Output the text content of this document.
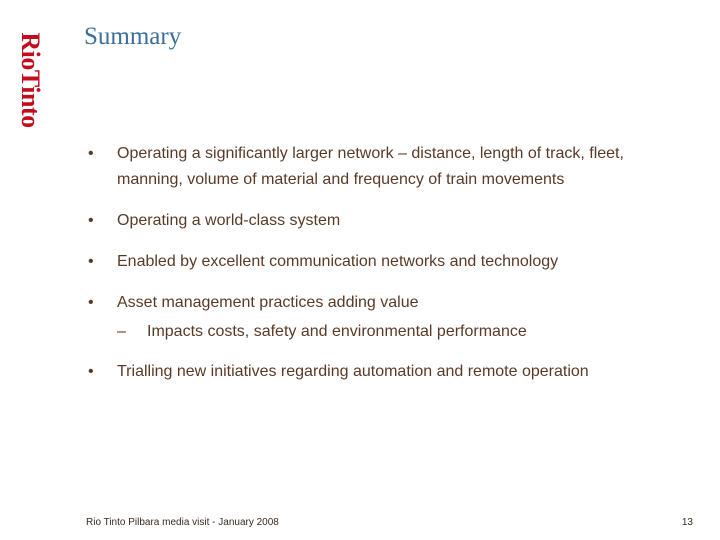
RioTinto Summary
•	Operating a significantly larger network – distance, length of track, fleet, manning, volume of material and frequency of train movements
•	Operating a world-class system
•	Enabled by excellent communication networks and technology
•	Asset management practices adding value
– Impacts costs, safety and environmental performance
•	Trialling new initiatives regarding automation and remote operation
Rio Tinto Pilbara media visit - January 2008	13
